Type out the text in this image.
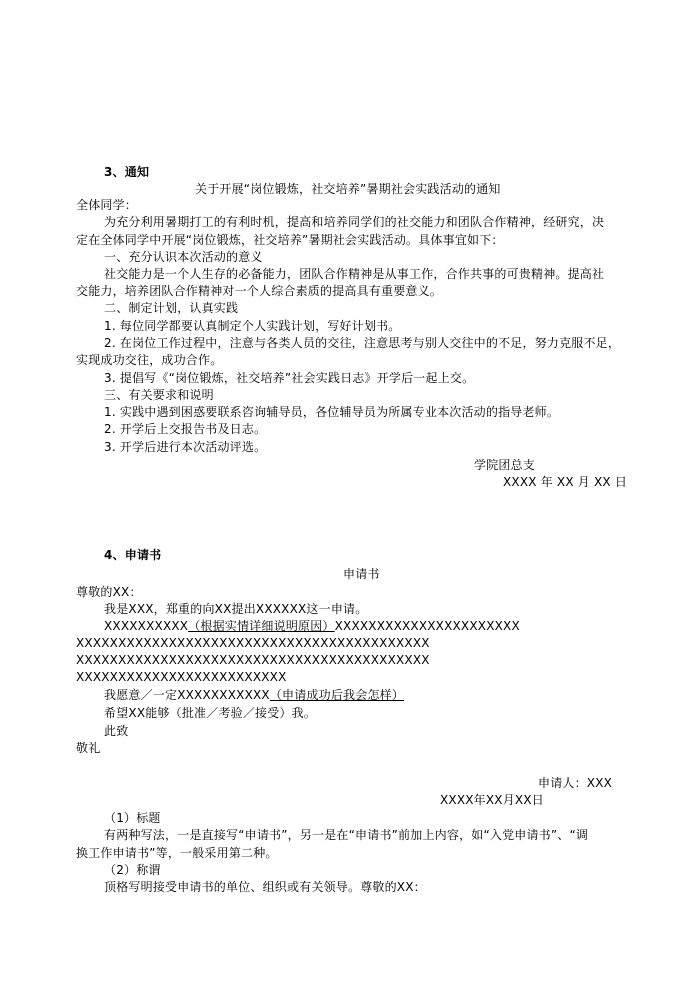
3、通知
关于开展“岗位锻炼，社交培养”暑期社会实践活动的通知
全体同学：
为充分利用暑期打工的有利时机，提高和培养同学们的社交能力和团队合作精神，经研究，决
定在全体同学中开展“岗位锻炼，社交培养”暑期社会实践活动。具体事宜如下：
一、充分认识本次活动的意义
社交能力是一个人生存的必备能力，团队合作精神是从事工作，合作共事的可贵精神。提高社
交能力，培养团队合作精神对一个人综合素质的提高具有重要意义。
二、制定计划，认真实践
1. 每位同学都要认真制定个人实践计划，写好计划书。
2. 在岗位工作过程中，注意与各类人员的交往，注意思考与别人交往中的不足，努力克服不足，
实现成功交往，成功合作。
3. 提倡写《“岗位锻炼，社交培养”社会实践日志》开学后一起上交。
三、有关要求和说明
1. 实践中遇到困惑要联系咨询辅导员，各位辅导员为所属专业本次活动的指导老师。
2. 开学后上交报告书及日志。
3. 开学后进行本次活动评选。
学院团总支
XXXX 年 XX 月 XX 日
4、申请书
申请书
尊敬的XX：
我是XXX，郑重的向XX提出XXXXXX这一申请。
XXXXXXXXXX（根据实情详细说明原因）XXXXXXXXXXXXXXXXXXXXXX
XXXXXXXXXXXXXXXXXXXXXXXXXXXXXXXXXXXXXXXXXX
XXXXXXXXXXXXXXXXXXXXXXXXXXXXXXXXXXXXXXXXXX
XXXXXXXXXXXXXXXXXXXXXXXXX
我愿意／一定XXXXXXXXXXX（申请成功后我会怎样）
希望XX能够（批准／考验／接受）我。
此致
敬礼
申请人：XXX
XXXX年XX月XX日
（1）标题
有两种写法，一是直接写“申请书”，另一是在“申请书”前加上内容，如“入党申请书”、“调
换工作申请书”等，一般采用第二种。
（2）称谓
顶格写明接受申请书的单位、组织或有关领导。尊敬的XX：
